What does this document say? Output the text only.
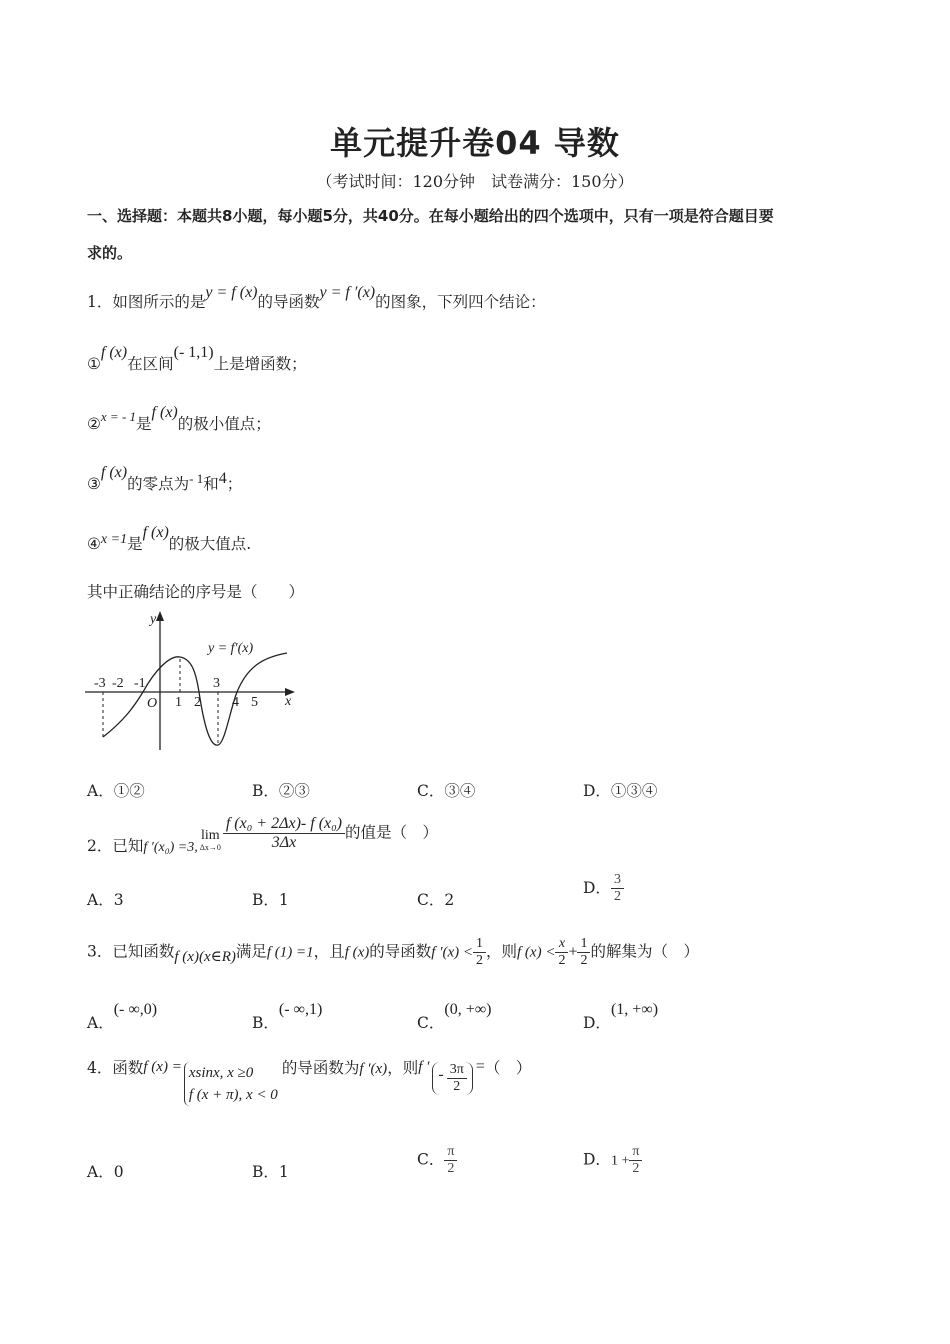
单元提升卷04 导数
（考试时间：120分钟　试卷满分：150分）
一、选择题：本题共8小题，每小题5分，共40分。在每小题给出的四个选项中，只有一项是符合题目要
求的。
1．如图所示的是y = f (x)的导函数y = f ′(x)的图象，下列四个结论：
①f (x)在区间(- 1,1)上是增函数；
②$^{x = - 1}$是f (x)的极小值点；
③f (x)的零点为$^{- 1}$和4；
④x =1是f (x)的极大值点.
其中正确结论的序号是（　　）
y
x
O
y = f′(x)
-3 -2 -1	3
1 2 4 5
A．①②	B．②③	C．③④	D．①③④
2．已知f ′(x₀) =3,
lim
$\Delta x\to 0 \frac{\text{f (x₀ + 2Δx)- f (x₀)}}{3\Delta x}$ 的值是（　）
A．3	B．1	C．2
D． $\frac{3}{2}$
3．已知函数f (x)(x∈R)满足f (1) =1，且f (x)的导函数f $'(x) < \frac{1}{2}$ ，则f $(x) < \frac{x}{2} + \frac{1}{2}$ 的解集为（　）
A．(- ∞,0)
B．(- ∞,1)
C．(0, +∞)
D．(1, +∞)
4．函数f (x) = xsinx, x ≥0
f (x + π), x < 0
的导函数为f ′(x)，则f ′ - $\frac{3\pi}{2}$ =（　）
A．0	B．1
C． $\frac{\pi}{2}$	D．$1 + \frac{\pi}{2}$
